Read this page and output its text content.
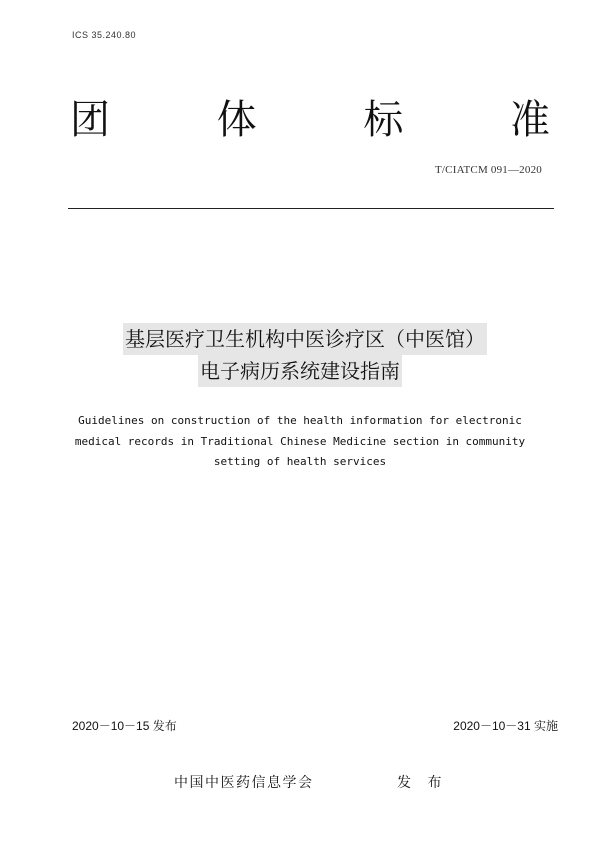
ICS 35.240.80
团	体	标	准
T/CIATCM 091—2020
基层医疗卫生机构中医诊疗区（中医馆）
电子病历系统建设指南
Guidelines on construction of the health information for electronic
medical records in Traditional Chinese Medicine section in community
setting of health services
2020－10－15 发布	2020－10－31 实施
中国中医药信息学会	发 布
